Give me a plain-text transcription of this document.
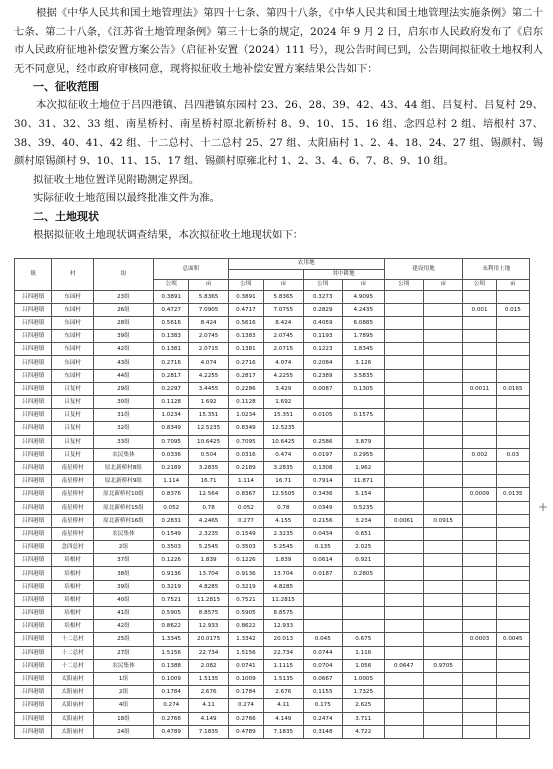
根据《中华人民共和国土地管理法》第四十七条、第四十八条，《中华人民共和国土地管理法实施条例》第二十七条、第二十八条，《江苏省土地管理条例》第三十七条的规定，2024 年 9 月 2 日，启东市人民政府发布了《启东市人民政府征地补偿安置方案公告》（启征补安置（2024）111 号），现公告时间已到，公告期间拟征收土地权利人无不同意见，经市政府审核同意，现将拟征收土地补偿安置方案结果公告如下：

一、征收范围

本次拟征收土地位于吕四港镇、吕四港镇东园村 23、26、28、39、42、43、44 组、吕复村、吕复村 29、30、31、32、33 组、南星桥村、南星桥村原北新桥村 8、9、10、15、16 组、念四总村 2 组、培根村 37、38、39、40、41、42 组、十二总村、十二总村 25、27 组、太阳庙村 1、2、4、18、24、27 组、锡颜村、锡颜村原锡颜村 9、10、11、15、17 组、锡颜村原雍北村 1、2、3、4、6、7、8、9、10 组。

拟征收土地位置详见附勘测定界图。

实际征收土地范围以最终批准文件为准。

二、土地现状

根据拟征收土地现状调查结果，本次拟征收土地现状如下：

镇	村	组	总面积		农用地				建设用地		未利用土地	
							其中耕地					
			公顷	亩	公顷	亩	公顷	亩	公顷	亩	公顷	亩
吕四港镇	东园村	23组	0.3891	5.8365	0.3891	5.8365	0.3273	4.9095				
吕四港镇	东园村	26组	0.4727	7.0905	0.4717	7.0755	0.2829	4.2435			0.001	0.015
吕四港镇	东园村	28组	0.5616	8.424	0.5616	8.424	0.4059	6.0885				
吕四港镇	东园村	39组	0.1383	2.0745	0.1383	2.0745	0.1193	1.7895				
吕四港镇	东园村	42组	0.1381	2.0715	0.1381	2.0715	0.1223	1.8345				
吕四港镇	东园村	43组	0.2716	4.074	0.2716	4.074	0.2084	3.126				
吕四港镇	东园村	44组	0.2817	4.2255	0.2817	4.2255	0.2389	3.5835				
吕四港镇	吕复村	29组	0.2297	3.4455	0.2286	3.429	0.0087	0.1305			0.0011	0.0165
吕四港镇	吕复村	30组	0.1128	1.692	0.1128	1.692						
吕四港镇	吕复村	31组	1.0234	15.351	1.0234	15.351	0.0105	0.1575				
吕四港镇	吕复村	32组	0.8349	12.5235	0.8349	12.5235						
吕四港镇	吕复村	33组	0.7095	10.6425	0.7095	10.6425	0.2586	3.879				
吕四港镇	吕复村	农民集体	0.0336	0.504	0.0316	0.474	0.0197	0.2955			0.002	0.03
吕四港镇	南星桥村	原北新桥村8组	0.2189	3.2835	0.2189	3.2835	0.1308	1.962				
吕四港镇	南星桥村	原北新桥村9组	1.114	16.71	1.114	16.71	0.7914	11.871				
吕四港镇	南星桥村	原北新桥村10组	0.8376	12.564	0.8367	12.5505	0.3436	5.154			0.0009	0.0135
吕四港镇	南星桥村	原北新桥村15组	0.052	0.78	0.052	0.78	0.0349	0.5235				
吕四港镇	南星桥村	原北新桥村16组	0.2831	4.2465	0.277	4.155	0.2156	3.234	0.0061	0.0915		
吕四港镇	南星桥村	农民集体	0.1549	2.3235	0.1549	2.3235	0.0434	0.651				
吕四港镇	念四总村	2组	0.3503	5.2545	0.3503	5.2545	0.135	2.025				
吕四港镇	培根村	37组	0.1226	1.839	0.1226	1.839	0.0614	0.921				
吕四港镇	培根村	38组	0.9136	13.704	0.9136	13.704	0.0187	0.2805				
吕四港镇	培根村	39组	0.3219	4.8285	0.3219	4.8285						
吕四港镇	培根村	40组	0.7521	11.2815	0.7521	11.2815						
吕四港镇	培根村	41组	0.5905	8.8575	0.5905	8.8575						
吕四港镇	培根村	42组	0.8622	12.933	0.8622	12.933						
吕四港镇	十二总村	25组	1.3345	20.0175	1.3342	20.013	0.045	0.675			0.0003	0.0045
吕四港镇	十二总村	27组	1.5156	22.734	1.5156	22.734	0.0744	1.116				
吕四港镇	十二总村	农民集体	0.1388	2.082	0.0741	1.1115	0.0704	1.056	0.0647	0.9705		
吕四港镇	太阳庙村	1组	0.1009	1.5135	0.1009	1.5135	0.0667	1.0005				
吕四港镇	太阳庙村	2组	0.1784	2.676	0.1784	2.676	0.1155	1.7325				
吕四港镇	太阳庙村	4组	0.274	4.11	0.274	4.11	0.175	2.625				
吕四港镇	太阳庙村	18组	0.2766	4.149	0.2766	4.149	0.2474	3.711				
吕四港镇	太阳庙村	24组	0.4789	7.1835	0.4789	7.1835	0.3148	4.722				
+
